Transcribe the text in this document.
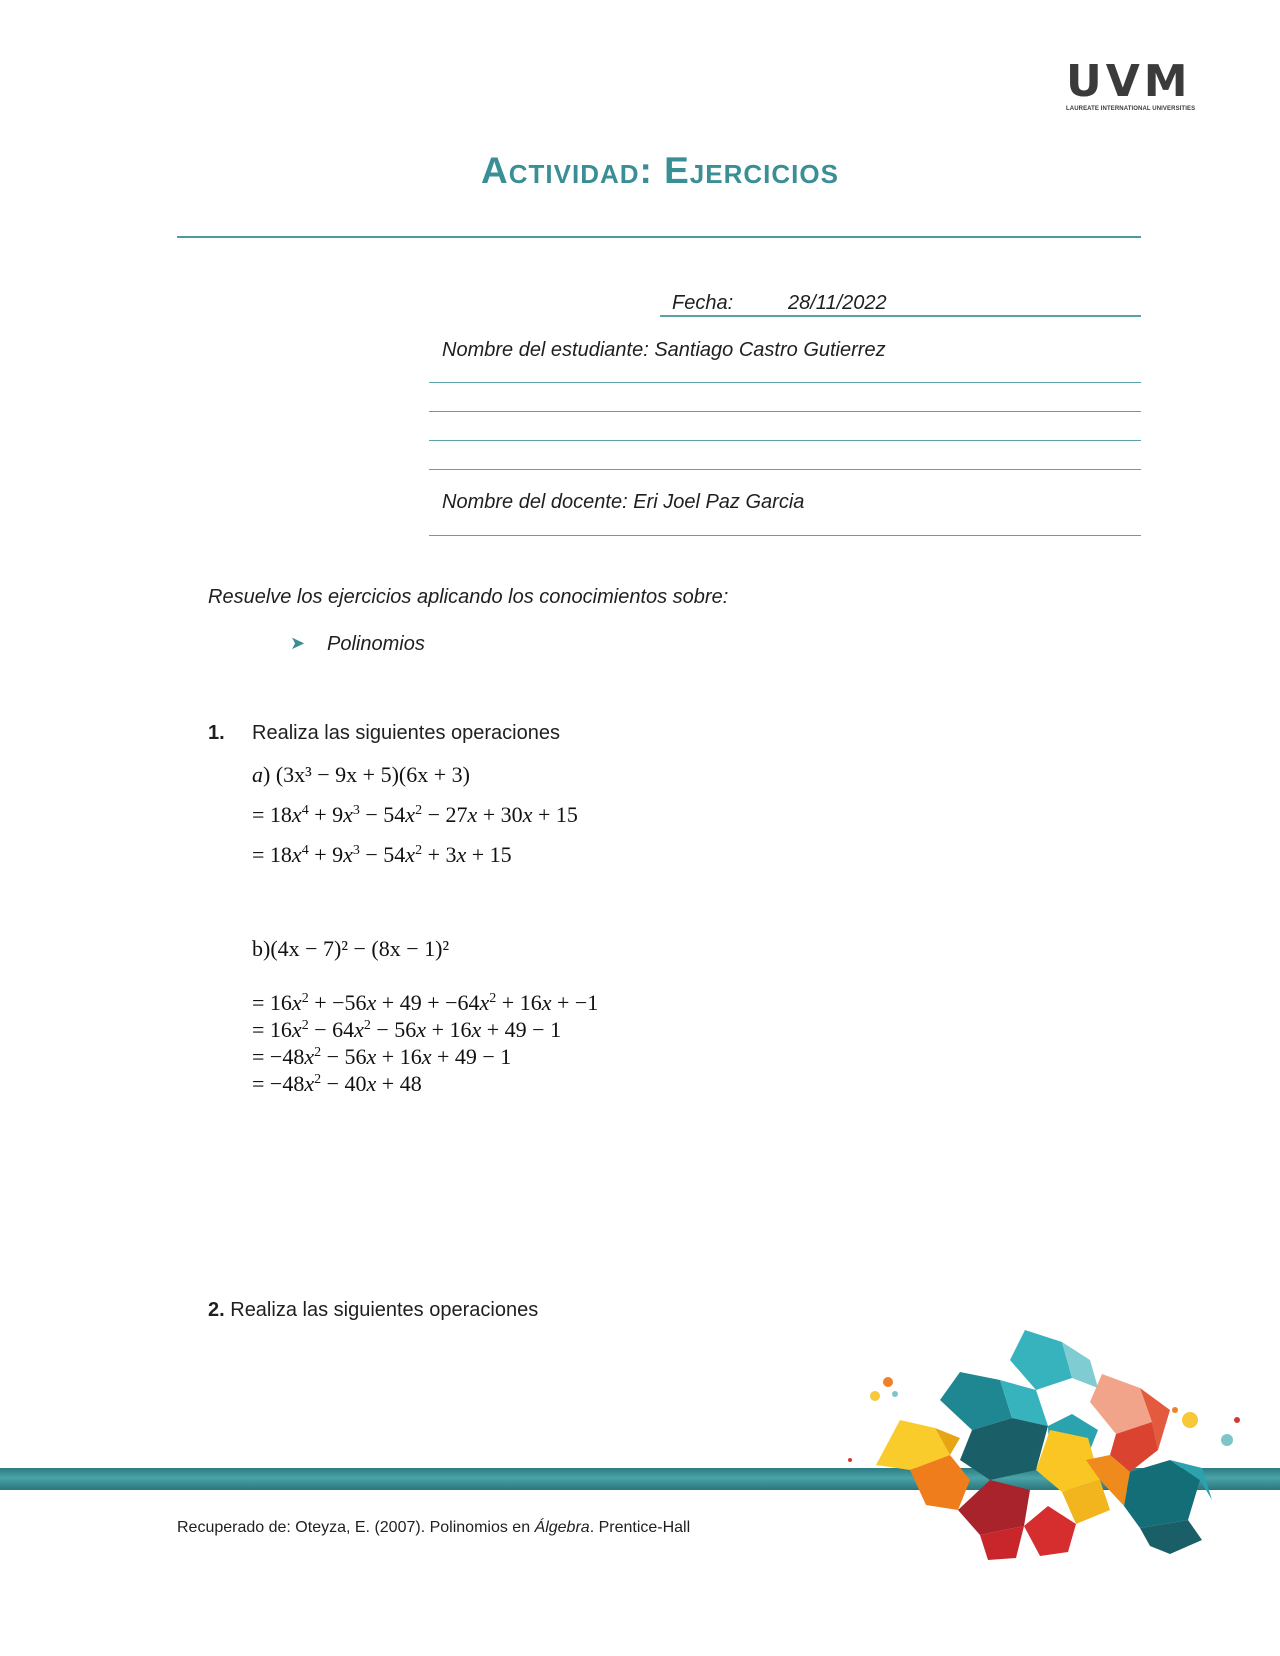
UVM
LAUREATE INTERNATIONAL UNIVERSITIES
Actividad: Ejercicios
Fecha:	28/11/2022
Nombre del estudiante: Santiago Castro Gutierrez
Nombre del docente: Eri Joel Paz Garcia
Resuelve los ejercicios aplicando los conocimientos sobre:
➤ Polinomios
1. Realiza las siguientes operaciones
a) (3x³ − 9x + 5)(6x + 3)
= $18x^4 + 9x^3 - 54x^2 - 27x + 30x + 15$
= $18x^4 + 9x^3 - 54x^2 + 3x + 15$
b)(4x − 7)² − (8x − 1)²
= $16x^2 + -56x + 49 + -64x^2 + 16x + -1$
= $16x^2 - 64x^2 - 56x + 16x + 49 - 1$
= $-48x^2 - 56x + 16x + 49 - 1$
= $-48x^2 - 40x + 48$
2. Realiza las siguientes operaciones
Recuperado de: Oteyza, E. (2007). Polinomios en Álgebra. Prentice-Hall
